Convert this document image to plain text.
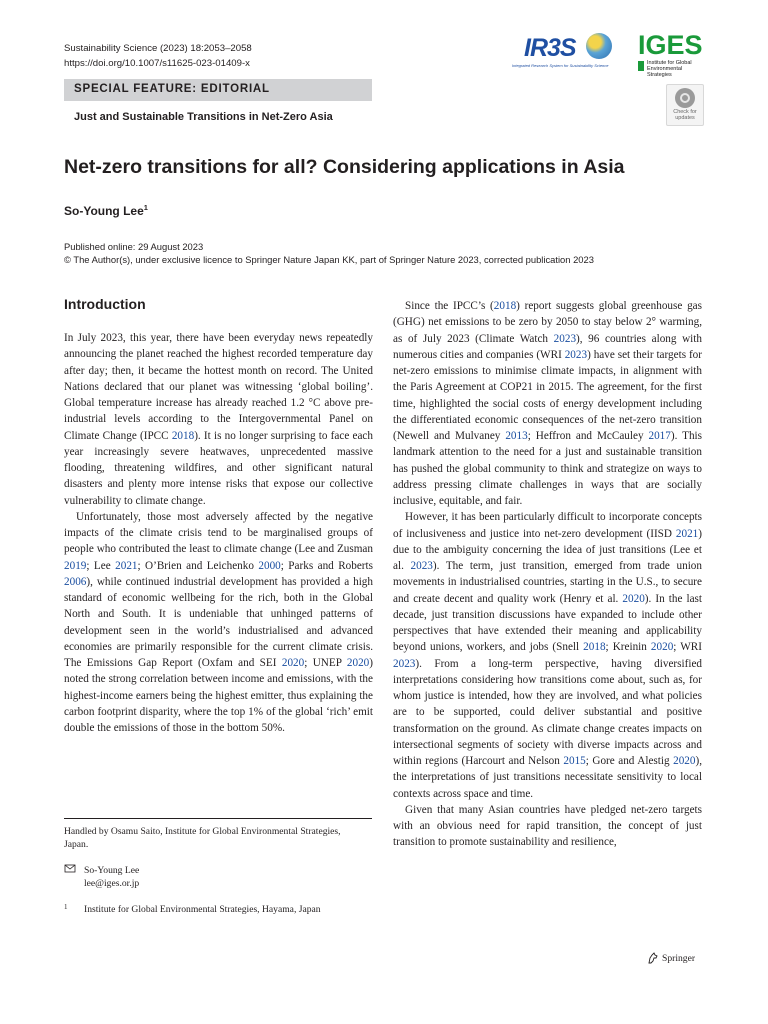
Sustainability Science (2023) 18:2053–2058
https://doi.org/10.1007/s11625-023-01409-x
IR3S
Integrated Research System for Sustainability Science
IGES
Institute for Global Environmental Strategies
SPECIAL FEATURE: EDITORIAL
Just and Sustainable Transitions in Net-Zero Asia	Check for updates
Net-zero transitions for all? Considering applications in Asia
So-Young Lee$^1$
Published online: 29 August 2023
© The Author(s), under exclusive licence to Springer Nature Japan KK, part of Springer Nature 2023, corrected publication 2023
Introduction

In July 2023, this year, there have been everyday news repeatedly announcing the planet reached the highest recorded temperature day after day; then, it became the hottest month on record. The United Nations declared that our planet was witnessing ‘global boiling’. Global temperature increase has already reached 1.2 °C above pre-industrial levels according to the Intergovernmental Panel on Climate Change (IPCC 2018). It is no longer surprising to face each year increasingly severe heatwaves, unprecedented massive flooding, threatening wildfires, and other significant natural disasters and plenty more intense risks that expose our collective vulnerability to climate change.

Unfortunately, those most adversely affected by the negative impacts of the climate crisis tend to be marginalised groups of people who contributed the least to climate change (Lee and Zusman 2019; Lee 2021; O’Brien and Leichenko 2000; Parks and Roberts 2006), while continued industrial development has provided a high standard of economic wellbeing for the rich, both in the Global North and South. It is undeniable that unhinged patterns of development seen in the world’s industrialised and advanced economies are primarily responsible for the current climate crisis. The Emissions Gap Report (Oxfam and SEI 2020; UNEP 2020) noted the strong correlation between income and emissions, with the highest-income earners being the highest emitter, thus explaining the carbon footprint disparity, where the top 1% of the global ‘rich’ emit double the emissions of those in the bottom 50%.

Since the IPCC’s (2018) report suggests global greenhouse gas (GHG) net emissions to be zero by 2050 to stay below 2° warming, as of July 2023 (Climate Watch 2023), 96 countries along with numerous cities and companies (WRI 2023) have set their targets for net-zero emissions to minimise climate impacts, in alignment with the Paris Agreement at COP21 in 2015. The agreement, for the first time, highlighted the social costs of energy development including the differentiated economic consequences of the net-zero transition (Newell and Mulvaney 2013; Heffron and McCauley 2017). This landmark attention to the need for a just and sustainable transition has pushed the global community to think and strategize on ways to address pressing climate challenges in ways that are socially inclusive, equitable, and fair.

However, it has been particularly difficult to incorporate concepts of inclusiveness and justice into net-zero development (IISD 2021) due to the ambiguity concerning the idea of just transitions (Lee et al. 2023). The term, just transition, emerged from trade union movements in industrialised countries, starting in the U.S., to secure and create decent and quality work (Henry et al. 2020). In the last decade, just transition discussions have expanded to include other perspectives that have extended their meaning and applicability beyond unions, workers, and jobs (Snell 2018; Kreinin 2020; WRI 2023). From a long-term perspective, having diversified interpretations considering how transitions come about, such as, for whom justice is intended, how they are involved, and what policies are to be supported, could deliver substantial and positive transformation on the ground. As climate change creates impacts on intersectional segments of society with diverse impacts across and within regions (Harcourt and Nelson 2015; Gore and Alestig 2020), the interpretations of just transitions necessitate sensitivity to local contexts across space and time.

Given that many Asian countries have pledged net-zero targets with an obvious need for rapid transition, the concept of just transition to promote sustainability and resilience,

Handled by Osamu Saito, Institute for Global Environmental Strategies, Japan.
So-Young Lee
lee@iges.or.jp
1 Institute for Global Environmental Strategies, Hayama, Japan
Springer
